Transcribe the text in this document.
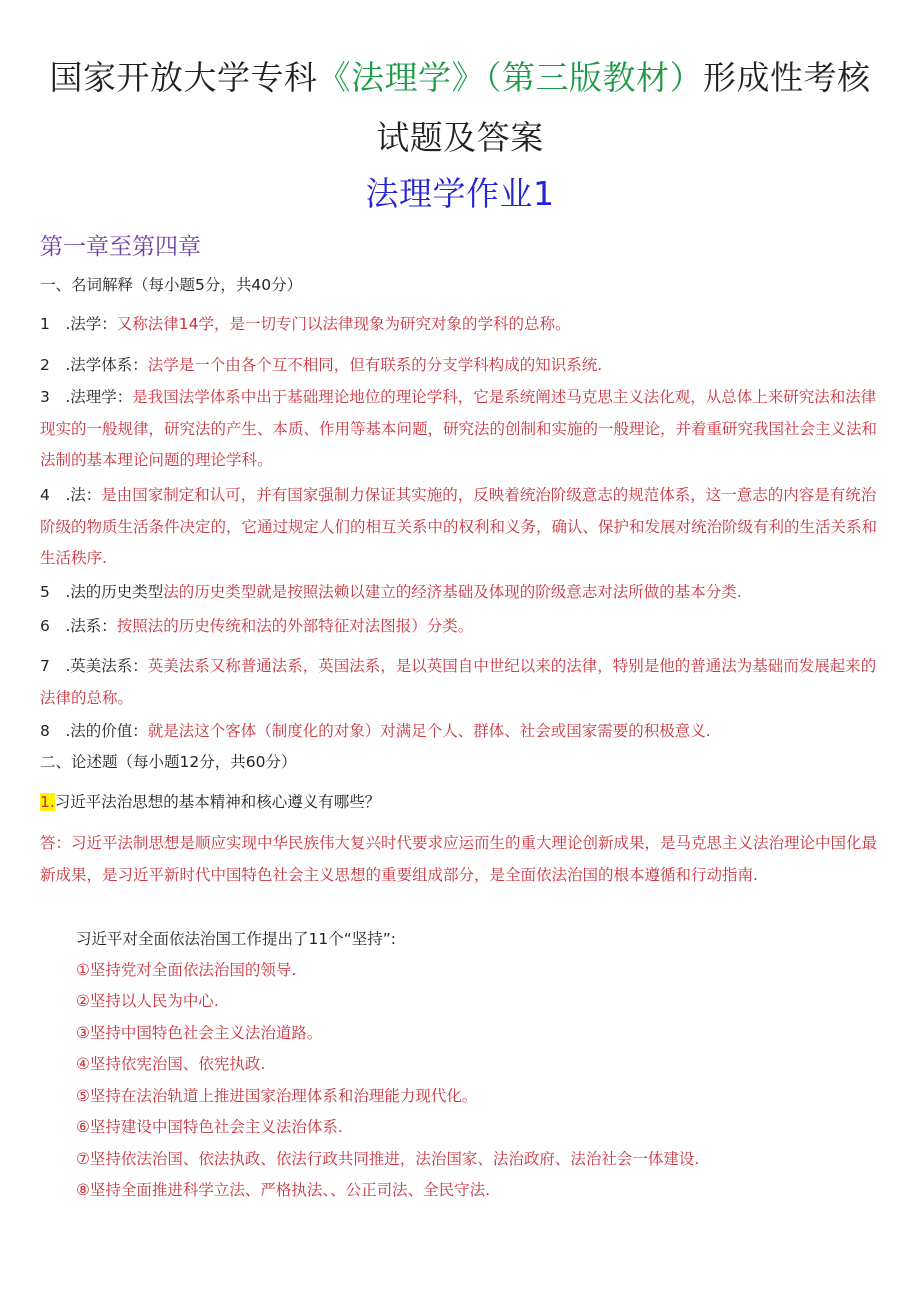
国家开放大学专科《法理学》（第三版教材）形成性考核
试题及答案
法理学作业1
第一章至第四章
一、名词解释（每小题5分，共40分）
1　.法学：又称法律14学，是一切专门以法律现象为研究对象的学科的总称。
2　.法学体系：法学是一个由各个互不相同，但有联系的分支学科构成的知识系统.
3　.法理学：是我国法学体系中出于基础理论地位的理论学科，它是系统阐述马克思主义法化观，从总体上来研究法和法律现实的一般规律，研究法的产生、本质、作用等基本问题，研究法的创制和实施的一般理论，并着重研究我国社会主义法和法制的基本理论问题的理论学科。
4　.法：是由国家制定和认可，并有国家强制力保证其实施的，反映着统治阶级意志的规范体系，这一意志的内容是有统治阶级的物质生活条件决定的，它通过规定人们的相互关系中的权利和义务，确认、保护和发展对统治阶级有利的生活关系和生活秩序.
5　.法的历史类型法的历史类型就是按照法赖以建立的经济基础及体现的阶级意志对法所做的基本分类.
6　.法系：按照法的历史传统和法的外部特征对法图报）分类。
7　.英美法系：英美法系又称普通法系，英国法系，是以英国自中世纪以来的法律，特别是他的普通法为基础而发展起来的法律的总称。
8　.法的价值：就是法这个客体（制度化的对象）对满足个人、群体、社会或国家需要的积极意义.
二、论述题（每小题12分，共60分）
1.习近平法治思想的基本精神和核心遵义有哪些？
答：习近平法制思想是顺应实现中华民族伟大复兴时代要求应运而生的重大理论创新成果，是马克思主义法治理论中国化最新成果，是习近平新时代中国特色社会主义思想的重要组成部分，是全面依法治国的根本遵循和行动指南.
习近平对全面依法治国工作提出了11个“坚持”:
①坚持党对全面依法治国的领导.
②坚持以人民为中心.
③坚持中国特色社会主义法治道路。
④坚持依宪治国、依宪执政.
⑤坚持在法治轨道上推进国家治理体系和治理能力现代化。
⑥坚持建设中国特色社会主义法治体系.
⑦坚持依法治国、依法执政、依法行政共同推进，法治国家、法治政府、法治社会一体建设.
⑧坚持全面推进科学立法、严格执法、、公正司法、全民守法.
